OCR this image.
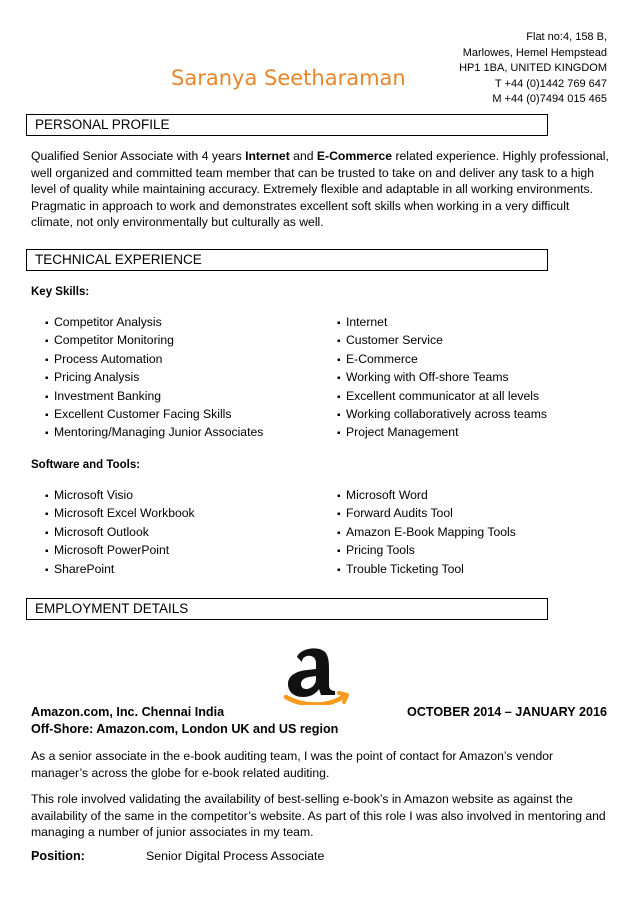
Saranya Seetharaman
Flat no:4, 158 B,
Marlowes, Hemel Hempstead
HP1 1BA, UNITED KINGDOM
T +44 (0)1442 769 647
M +44 (0)7494 015 465
PERSONAL PROFILE

Qualified Senior Associate with 4 years Internet and E-Commerce related experience. Highly professional, well organized and committed team member that can be trusted to take on and deliver any task to a high level of quality while maintaining accuracy. Extremely flexible and adaptable in all working environments. Pragmatic in approach to work and demonstrates excellent soft skills when working in a very difficult climate, not only environmentally but culturally as well.

TECHNICAL EXPERIENCE
Key Skills:
▪ Competitor Analysis
▪ Competitor Monitoring
▪ Process Automation
▪ Pricing Analysis
▪ Investment Banking
▪ Excellent Customer Facing Skills
▪ Mentoring/Managing Junior Associates
▪ Internet
▪ Customer Service
▪ E-Commerce
▪ Working with Off-shore Teams
▪ Excellent communicator at all levels
▪ Working collaboratively across teams
▪ Project Management
Software and Tools:
▪ Microsoft Visio
▪ Microsoft Excel Workbook
▪ Microsoft Outlook
▪ Microsoft PowerPoint
▪ SharePoint
▪ Microsoft Word
▪ Forward Audits Tool
▪ Amazon E-Book Mapping Tools
▪ Pricing Tools
▪ Trouble Ticketing Tool
EMPLOYMENT DETAILS
Amazon.com, Inc. Chennai India	OCTOBER 2014 – JANUARY 2016
Off-Shore: Amazon.com, London UK and US region

As a senior associate in the e-book auditing team, I was the point of contact for Amazon’s vendor manager’s across the globe for e-book related auditing.

This role involved validating the availability of best-selling e-book’s in Amazon website as against the availability of the same in the competitor’s website. As part of this role I was also involved in mentoring and managing a number of junior associates in my team.

Position:	Senior Digital Process Associate
